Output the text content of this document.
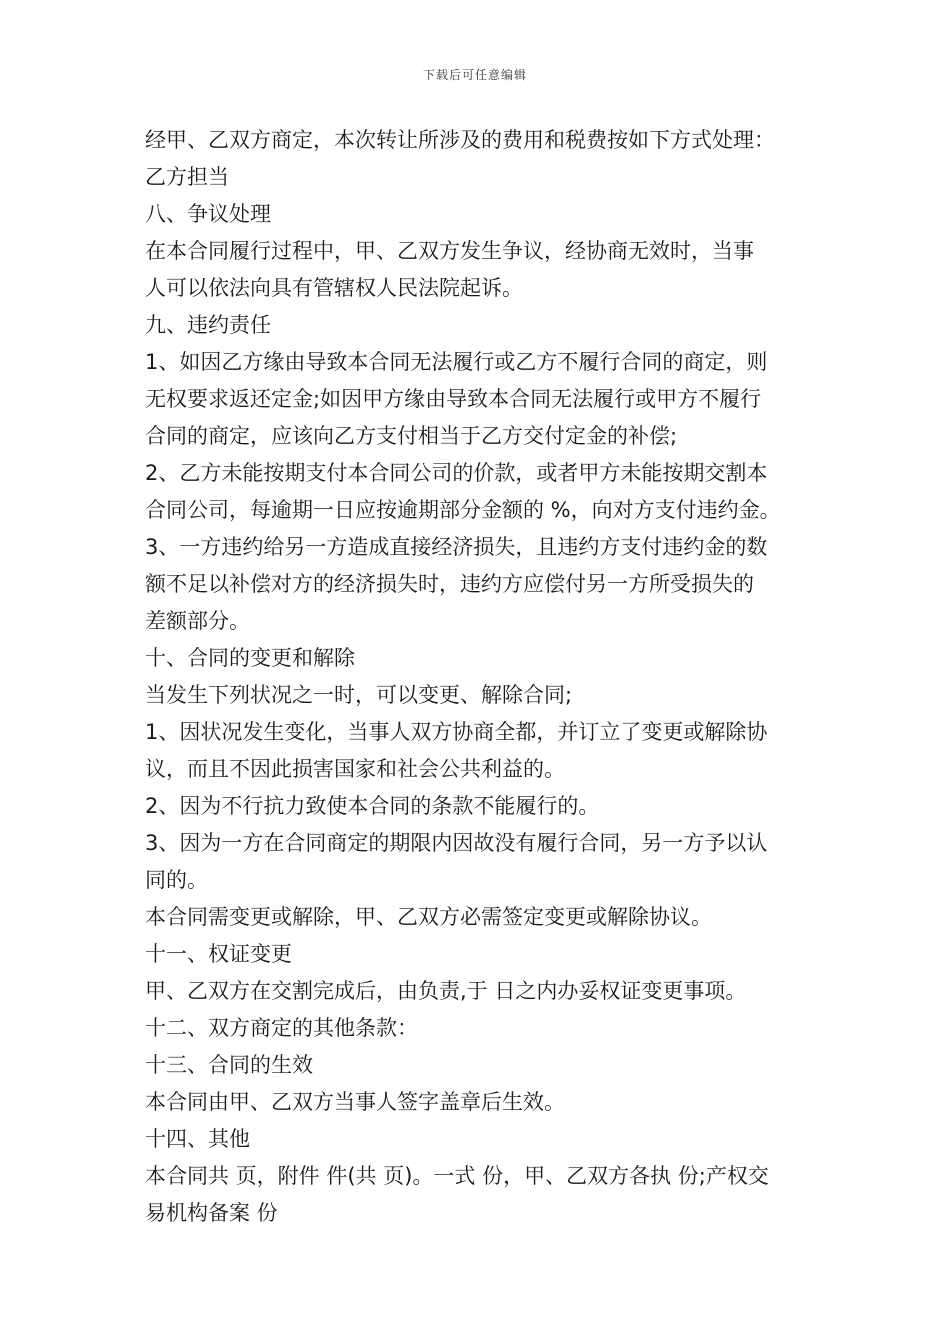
下载后可任意编辑

经甲、乙双方商定，本次转让所涉及的费用和税费按如下方式处理：

乙方担当

八、争议处理

在本合同履行过程中，甲、乙双方发生争议，经协商无效时，当事

人可以依法向具有管辖权人民法院起诉。

九、违约责任

1、如因乙方缘由导致本合同无法履行或乙方不履行合同的商定，则

无权要求返还定金;如因甲方缘由导致本合同无法履行或甲方不履行

合同的商定，应该向乙方支付相当于乙方交付定金的补偿;

2、乙方未能按期支付本合同公司的价款，或者甲方未能按期交割本

合同公司，每逾期一日应按逾期部分金额的 %，向对方支付违约金。

3、一方违约给另一方造成直接经济损失，且违约方支付违约金的数

额不足以补偿对方的经济损失时，违约方应偿付另一方所受损失的

差额部分。

十、合同的变更和解除

当发生下列状况之一时，可以变更、解除合同;

1、因状况发生变化，当事人双方协商全都，并订立了变更或解除协

议，而且不因此损害国家和社会公共利益的。

2、因为不行抗力致使本合同的条款不能履行的。

3、因为一方在合同商定的期限内因故没有履行合同，另一方予以认

同的。

本合同需变更或解除，甲、乙双方必需签定变更或解除协议。

十一、权证变更

甲、乙双方在交割完成后，由负责,于 日之内办妥权证变更事项。

十二、双方商定的其他条款：

十三、合同的生效

本合同由甲、乙双方当事人签字盖章后生效。

十四、其他

本合同共 页，附件 件(共 页)。一式 份，甲、乙双方各执 份;产权交

易机构备案 份
